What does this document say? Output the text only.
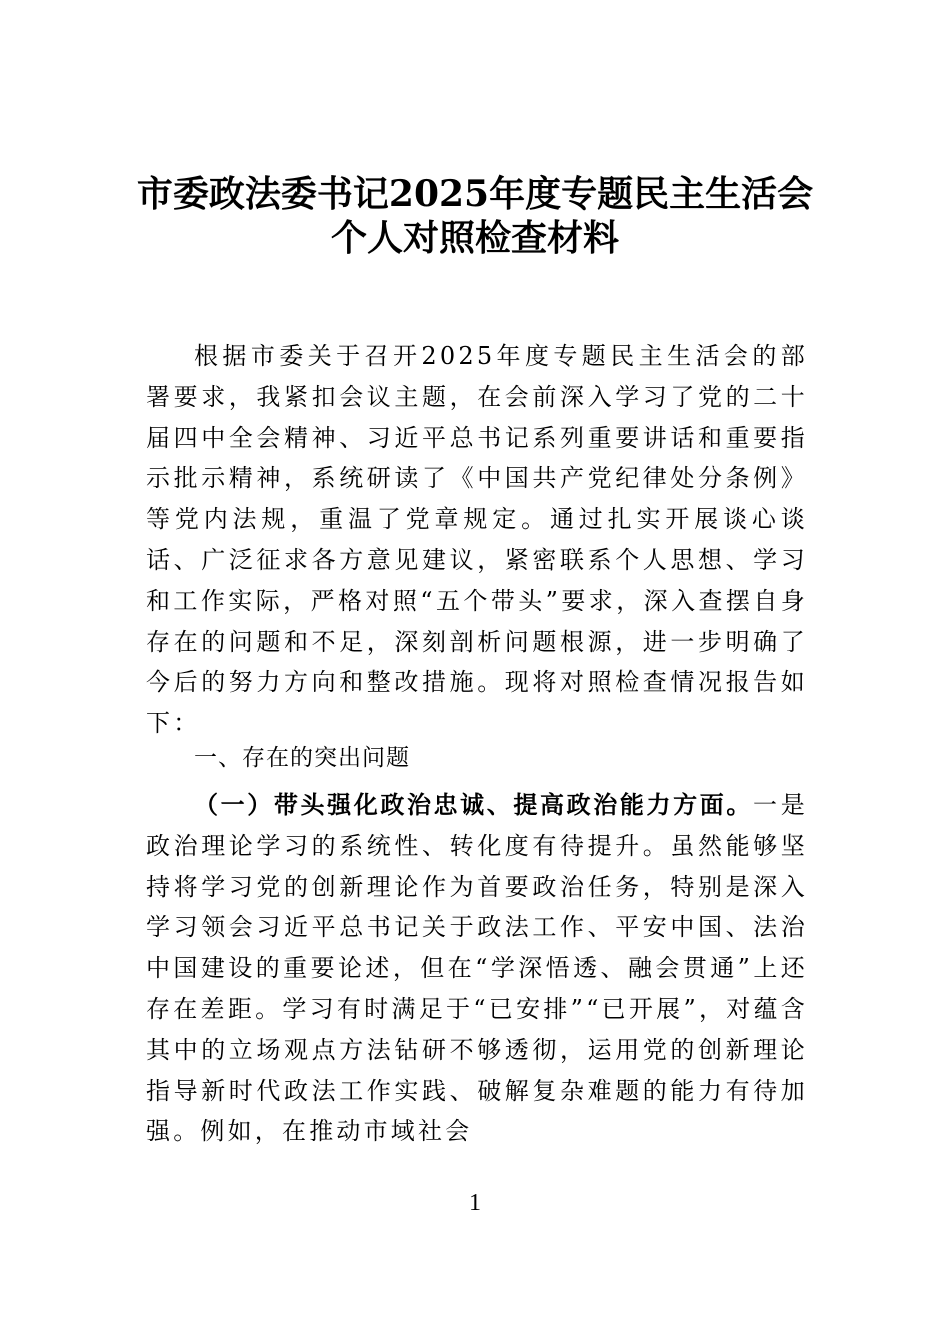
市委政法委书记2025年度专题民主生活会
个人对照检查材料

根据市委关于召开2025年度专题民主生活会的部署要求，我紧扣会议主题，在会前深入学习了党的二十届四中全会精神、习近平总书记系列重要讲话和重要指示批示精神，系统研读了《中国共产党纪律处分条例》等党内法规，重温了党章规定。通过扎实开展谈心谈话、广泛征求各方意见建议，紧密联系个人思想、学习和工作实际，严格对照“五个带头”要求，深入查摆自身存在的问题和不足，深刻剖析问题根源，进一步明确了今后的努力方向和整改措施。现将对照检查情况报告如下：

一、存在的突出问题

（一）带头强化政治忠诚、提高政治能力方面。一是政治理论学习的系统性、转化度有待提升。虽然能够坚持将学习党的创新理论作为首要政治任务，特别是深入学习领会习近平总书记关于政法工作、平安中国、法治中国建设的重要论述，但在“学深悟透、融会贯通”上还存在差距。学习有时满足于“已安排”“已开展”，对蕴含其中的立场观点方法钻研不够透彻，运用党的创新理论指导新时代政法工作实践、破解复杂难题的能力有待加强。例如，在推动市域社会

1
